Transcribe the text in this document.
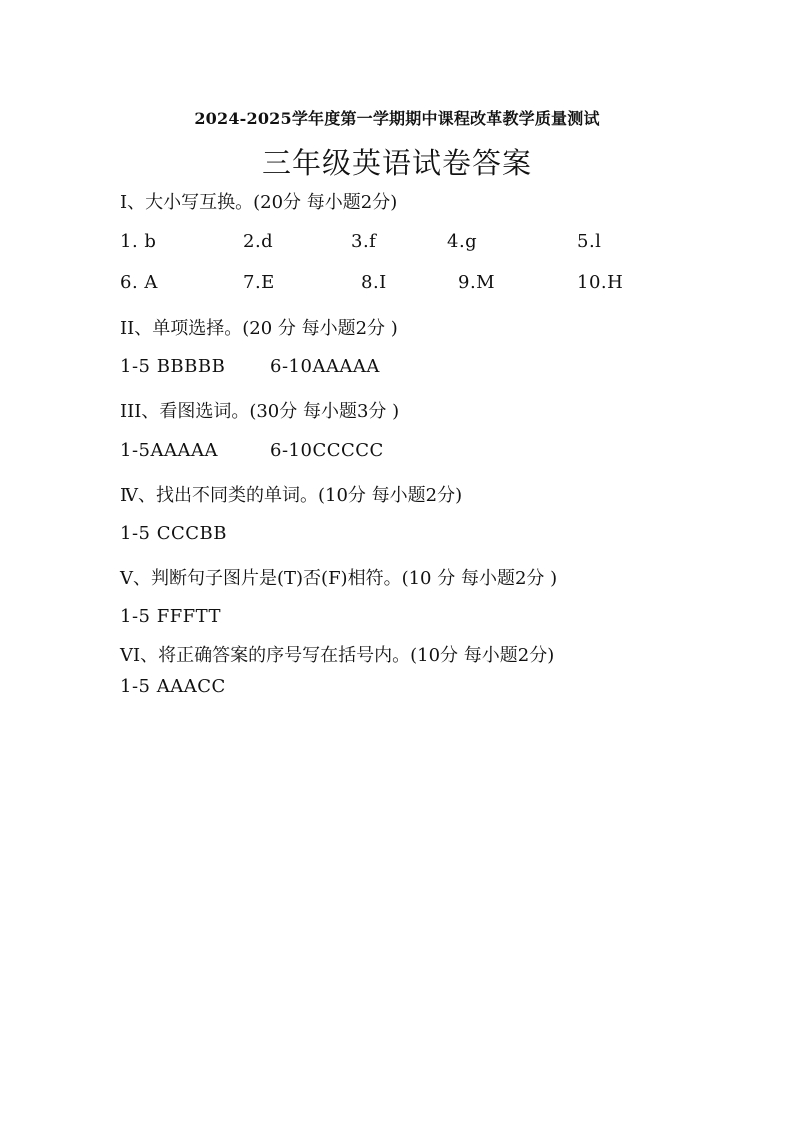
2024-2025学年度第一学期期中课程改革教学质量测试
三年级英语试卷答案
I、大小写互换。(20分 每小题2分)
1. b	2.d	3.f	4.g	5.l
6. A	7.E	8.I	9.M	10.H
II、单项选择。(20 分 每小题2分 )
1-5 BBBBB 6-10AAAAA
III、看图选词。(30分 每小题3分 )
1-5AAAAA	6-10CCCCC
Ⅳ、找出不同类的单词。(10分 每小题2分)
1-5 CCCBB
Ⅴ、判断句子图片是(T)否(F)相符。(10 分 每小题2分 )
1-5 FFFTT
VI、将正确答案的序号写在括号内。(10分 每小题2分)
1-5 AAACC
